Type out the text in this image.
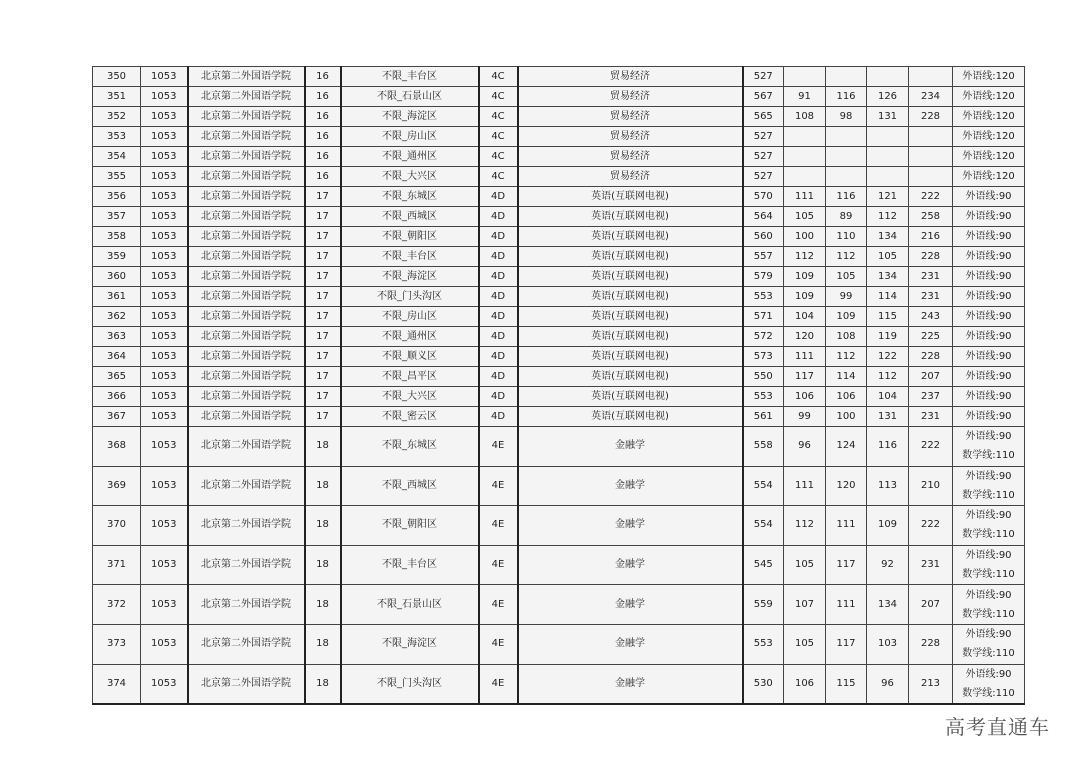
350	1053	北京第二外国语学院	16	不限_丰台区	4C	贸易经济	527					外语线:120

351	1053	北京第二外国语学院	16	不限_石景山区	4C	贸易经济	567	91	116	126	234	外语线:120

352	1053	北京第二外国语学院	16	不限_海淀区	4C	贸易经济	565	108	98	131	228	外语线:120

353	1053	北京第二外国语学院	16	不限_房山区	4C	贸易经济	527					外语线:120

354	1053	北京第二外国语学院	16	不限_通州区	4C	贸易经济	527					外语线:120

355	1053	北京第二外国语学院	16	不限_大兴区	4C	贸易经济	527					外语线:120

356	1053	北京第二外国语学院	17	不限_东城区	4D	英语(互联网电视)	570	111	116	121	222	外语线:90

357	1053	北京第二外国语学院	17	不限_西城区	4D	英语(互联网电视)	564	105	89	112	258	外语线:90

358	1053	北京第二外国语学院	17	不限_朝阳区	4D	英语(互联网电视)	560	100	110	134	216	外语线:90

359	1053	北京第二外国语学院	17	不限_丰台区	4D	英语(互联网电视)	557	112	112	105	228	外语线:90

360	1053	北京第二外国语学院	17	不限_海淀区	4D	英语(互联网电视)	579	109	105	134	231	外语线:90

361	1053	北京第二外国语学院	17	不限_门头沟区	4D	英语(互联网电视)	553	109	99	114	231	外语线:90

362	1053	北京第二外国语学院	17	不限_房山区	4D	英语(互联网电视)	571	104	109	115	243	外语线:90

363	1053	北京第二外国语学院	17	不限_通州区	4D	英语(互联网电视)	572	120	108	119	225	外语线:90

364	1053	北京第二外国语学院	17	不限_顺义区	4D	英语(互联网电视)	573	111	112	122	228	外语线:90

365	1053	北京第二外国语学院	17	不限_昌平区	4D	英语(互联网电视)	550	117	114	112	207	外语线:90

366	1053	北京第二外国语学院	17	不限_大兴区	4D	英语(互联网电视)	553	106	106	104	237	外语线:90

367	1053	北京第二外国语学院	17	不限_密云区	4D	英语(互联网电视)	561	99	100	131	231	外语线:90

368	1053	北京第二外国语学院	18	不限_东城区	4E	金融学	558	96	124	116	222	外语线:90
数学线:110

369	1053	北京第二外国语学院	18	不限_西城区	4E	金融学	554	111	120	113	210	外语线:90
数学线:110

370	1053	北京第二外国语学院	18	不限_朝阳区	4E	金融学	554	112	111	109	222	外语线:90
数学线:110

371	1053	北京第二外国语学院	18	不限_丰台区	4E	金融学	545	105	117	92	231	外语线:90
数学线:110

372	1053	北京第二外国语学院	18	不限_石景山区	4E	金融学	559	107	111	134	207	外语线:90
数学线:110

373	1053	北京第二外国语学院	18	不限_海淀区	4E	金融学	553	105	117	103	228	外语线:90
数学线:110

374	1053	北京第二外国语学院	18	不限_门头沟区	4E	金融学	530	106	115	96	213	外语线:90
数学线:110
高考直通车
